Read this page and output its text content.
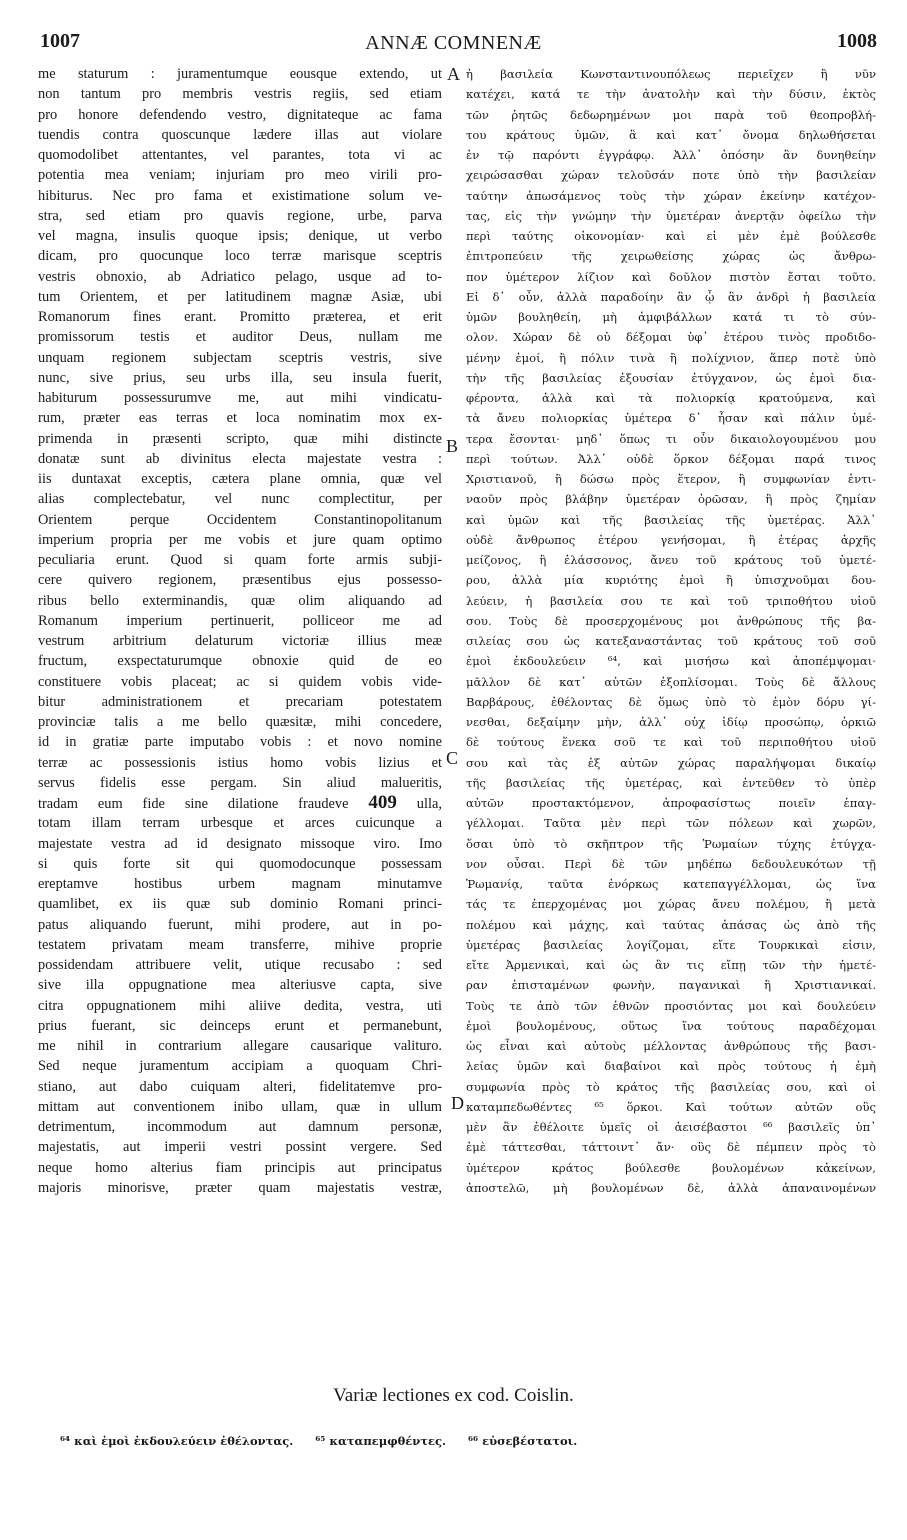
1007	ANNÆ COMNENÆ	1008
me staturum : juramentumque eousque extendo, ut
non tantum pro membris vestris regiis, sed etiam
pro honore defendendo vestro, dignitateque ac fama
tuendis contra quoscunque lædere illas aut violare
quomodolibet attentantes, vel parantes, tota vi ac
potentia mea veniam; injuriam pro meo virili pro-
hibiturus. Nec pro fama et existimatione solum ve-
stra, sed etiam pro quavis regione, urbe, parva
vel magna, insulis quoque ipsis; denique, ut verbo
dicam, pro quocunque loco terræ marisque sceptris
vestris obnoxio, ab Adriatico pelago, usque ad to-
tum Orientem, et per latitudinem magnæ Asiæ, ubi
Romanorum fines erant. Promitto præterea, et erit
promissorum testis et auditor Deus, nullam me
unquam regionem subjectam sceptris vestris, sive
nunc, sive prius, seu urbs illa, seu insula fuerit,
habiturum possessurumve me, aut mihi vindicatu-
rum, præter eas terras et loca nominatim mox ex-
primenda in præsenti scripto, quæ mihi distincte
donatæ sunt ab divinitus electa majestate vestra :
iis duntaxat exceptis, cætera plane omnia, quæ vel
alias complectebatur, vel nunc complectitur, per
Orientem perque Occidentem Constantinopolitanum
imperium propria per me vobis et jure quam optimo
peculiaria erunt. Quod si quam forte armis subji-
cere quivero regionem, præsentibus ejus possesso-
ribus bello exterminandis, quæ olim aliquando ad
Romanum imperium pertinuerit, polliceor me ad
vestrum arbitrium delaturum victoriæ illius meæ
fructum, exspectaturumque obnoxie quid de eo
constituere vobis placeat; ac si quidem vobis vide-
bitur administrationem et precariam potestatem
provinciæ talis a me bello quæsitæ, mihi concedere,
id in gratiæ parte imputabo vobis : et novo nomine
terræ ac possessionis istius homo vobis lizius et
servus fidelis esse pergam. Sin aliud malueritis,
tradam eum fide sine dilatione fraudeve 409 ulla,
totam illam terram urbesque et arces cuicunque a
majestate vestra ad id designato missoque viro. Imo
si quis forte sit qui quomodocunque possessam
ereptamve hostibus urbem magnam minutamve
quamlibet, ex iis quæ sub dominio Romani princi-
patus aliquando fuerunt, mihi prodere, aut in po-
testatem privatam meam transferre, mihive proprie
possidendam attribuere velit, utique recusabo : sed
sive illa oppugnatione mea alteriusve capta, sive
citra oppugnationem mihi aliive dedita, vestra, uti
prius fuerant, sic deinceps erunt et permanebunt,
me nihil in contrarium allegare causarique valituro.
Sed neque juramentum accipiam a quoquam Chri-
stiano, aut dabo cuiquam alteri, fidelitatemve pro-
mittam aut conventionem inibo ullam, quæ in ullum
detrimentum, incommodum aut damnum personæ,
majestatis, aut imperii vestri possint vergere. Sed
neque homo alterius fiam principis aut principatus
majoris minorisve, præter quam majestatis vestræ,
ἡ βασιλεία Κωνσταντινουπόλεως περιεῖχεν ἢ νῦν
κατέχει, κατά τε τὴν ἀνατολὴν καὶ τὴν δύσιν, ἐκτὸς
τῶν ῥητῶς δεδωρημένων μοι παρὰ τοῦ θεοπροβλή-
του κράτους ὑμῶν, ἃ καὶ κατ᾽ ὄνομα δηλωθήσεται
ἐν τῷ παρόντι ἐγγράφῳ. Ἀλλ᾽ ὁπόσην ἂν δυνηθείην
χειρώσασθαι χώραν τελοῦσάν ποτε ὑπὸ τὴν βασιλείαν
ταύτην ἀπωσάμενος τοὺς τὴν χώραν ἐκείνην κατέχον-
τας, εἰς τὴν γνώμην τὴν ὑμετέραν ἀνερτᾷν ὀφείλω τὴν
περὶ ταύτης οἰκονομίαν· καὶ εἰ μὲν ἐμὲ βούλεσθε
ἐπιτροπεύειν τῆς χειρωθείσης χώρας ὡς ἄνθρω-
πον ὑμέτερον λίζιον καὶ δοῦλον πιστὸν ἔσται τοῦτο.
Εἰ δ᾽ οὖν, ἀλλὰ παραδοίην ἂν ᾧ ἂν ἀνδρὶ ἡ βασιλεία
ὑμῶν βουληθείη, μὴ ἀμφιβάλλων κατά τι τὸ σύν-
ολον. Χώραν δὲ οὐ δέξομαι ὑφ᾽ ἑτέρου τινὸς προδιδο-
μένην ἐμοί, ἢ πόλιν τινὰ ἢ πολίχνιον, ἅπερ ποτὲ ὑπὸ
τὴν τῆς βασιλείας ἐξουσίαν ἐτύγχανον, ὡς ἐμοὶ δια-
φέροντα, ἀλλὰ καὶ τὰ πολιορκίᾳ κρατούμενα, καὶ
τὰ ἄνευ πολιορκίας ὑμέτερα δ᾽ ἦσαν καὶ πάλιν ὑμέ-
τερα ἔσονται· μηδ᾽ ὅπως τι οὖν δικαιολογουμένου μου
περὶ τούτων. Ἀλλ᾽ οὐδὲ ὅρκον δέξομαι παρά τινος
Χριστιανοῦ, ἢ δώσω πρὸς ἕτερον, ἢ συμφωνίαν ἐντι-
ναοῦν πρὸς βλάβην ὑμετέραν ὁρῶσαν, ἢ πρὸς ζημίαν
καὶ ὑμῶν καὶ τῆς βασιλείας τῆς ὑμετέρας. Ἀλλ᾽
οὐδὲ ἄνθρωπος ἑτέρου γενήσομαι, ἢ ἑτέρας ἀρχῆς
μείζονος, ἢ ἐλάσσονος, ἄνευ τοῦ κράτους τοῦ ὑμετέ-
ρου, ἀλλὰ μία κυριότης ἐμοὶ ἢ ὑπισχνοῦμαι δου-
λεύειν, ἡ βασιλεία σου τε καὶ τοῦ τριποθήτου υἱοῦ
σου. Τοὺς δὲ προσερχομένους μοι ἀνθρώπους τῆς βα-
σιλείας σου ὡς κατεξαναστάντας τοῦ κράτους τοῦ σοῦ
ἐμοὶ ἐκδουλεύειν ⁶⁴, καὶ μισήσω καὶ ἀποπέμψομαι·
μᾶλλον δὲ κατ᾽ αὐτῶν ἐξοπλίσομαι. Τοὺς δὲ ἄλλους
Βαρβάρους, ἐθέλοντας δὲ ὅμως ὑπὸ τὸ ἐμὸν δόρυ γί-
νεσθαι, δεξαίμην μὴν, ἀλλ᾽ οὐχ ἰδίῳ προσώπῳ, ὁρκιῶ
δὲ τούτους ἕνεκα σοῦ τε καὶ τοῦ περιποθήτου υἱοῦ
σου καὶ τὰς ἐξ αὐτῶν χώρας παραλήψομαι δικαίῳ
τῆς βασιλείας τῆς ὑμετέρας, καὶ ἐντεῦθεν τὸ ὑπὲρ
αὐτῶν προστακτόμενον, ἀπροφασίστως ποιεῖν ἐπαγ-
γέλλομαι. Ταῦτα μὲν περὶ τῶν πόλεων καὶ χωρῶν,
ὅσαι ὑπὸ τὸ σκῆπτρον τῆς Ῥωμαίων τύχης ἐτύγχα-
νον οὖσαι. Περὶ δὲ τῶν μηδέπω δεδουλευκότων τῇ
Ῥωμανίᾳ, ταῦτα ἐνόρκως κατεπαγγέλλομαι, ὡς ἵνα
τάς τε ἐπερχομένας μοι χώρας ἄνευ πολέμου, ἢ μετὰ
πολέμου καὶ μάχης, καὶ ταύτας ἁπάσας ὡς ἀπὸ τῆς
ὑμετέρας βασιλείας λογίζομαι, εἴτε Τουρκικαὶ εἰσιν,
εἴτε Ἀρμενικαὶ, καὶ ὡς ἂν τις εἴπῃ τῶν τὴν ἡμετέ-
ραν ἐπισταμένων φωνὴν, παγανικαὶ ἢ Χριστιανικαί.
Τοὺς τε ἀπὸ τῶν ἐθνῶν προσιόντας μοι καὶ δουλεύειν
ἐμοὶ βουλομένους, οὕτως ἵνα τούτους παραδέχομαι
ὡς εἶναι καὶ αὐτοὺς μέλλοντας ἀνθρώπους τῆς βασι-
λείας ὑμῶν καὶ διαβαίνοι καὶ πρὸς τούτους ἡ ἐμὴ
συμφωνία πρὸς τὸ κράτος τῆς βασιλείας σου, καὶ οἱ
καταμπεδωθέντες ⁶⁵ ὅρκοι. Καὶ τούτων αὐτῶν οὓς
μὲν ἂν ἐθέλοιτε ὑμεῖς οἱ ἀεισέβαστοι ⁶⁶ βασιλεῖς ὑπ᾽
ἐμὲ τάττεσθαι, τάττοιντ᾽ ἄν· οὓς δὲ πέμπειν πρὸς τὸ
ὑμέτερον κράτος βούλεσθε βουλομένων κἀκείνων,
ἀποστελῶ, μὴ βουλομένων δὲ, ἀλλὰ ἀπαναινομένων
A
B
C
D
Variæ lectiones ex cod. Coislin.
⁶⁴ καὶ ἐμοὶ ἐκδουλεύειν ἐθέλοντας. ⁶⁵ καταπεμφθέντες. ⁶⁶ εὐσεβέστατοι.
